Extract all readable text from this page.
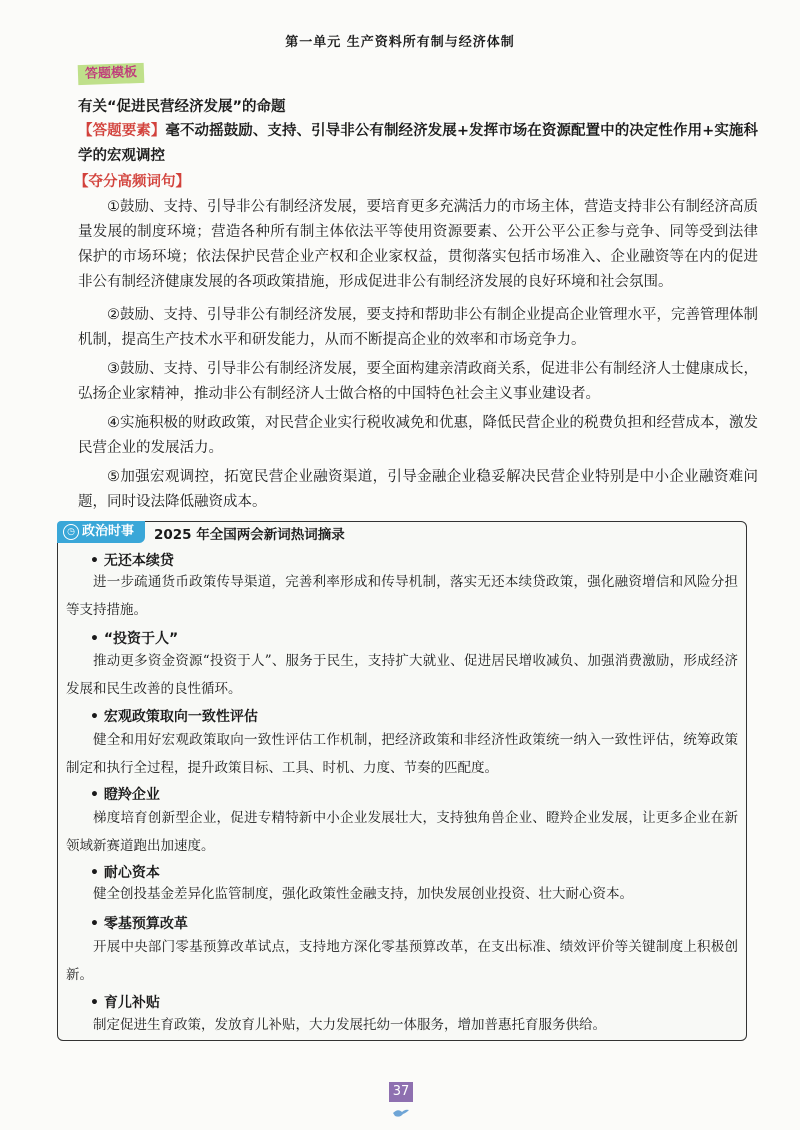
第一单元 生产资料所有制与经济体制
答题模板
有关“促进民营经济发展”的命题
【答题要素】毫不动摇鼓励、支持、引导非公有制经济发展+发挥市场在资源配置中的决定性作用+实施科学的宏观调控
【夺分高频词句】
①鼓励、支持、引导非公有制经济发展，要培育更多充满活力的市场主体，营造支持非公有制经济高质量发展的制度环境；营造各种所有制主体依法平等使用资源要素、公开公平公正参与竞争、同等受到法律保护的市场环境；依法保护民营企业产权和企业家权益，贯彻落实包括市场准入、企业融资等在内的促进非公有制经济健康发展的各项政策措施，形成促进非公有制经济发展的良好环境和社会氛围。
②鼓励、支持、引导非公有制经济发展，要支持和帮助非公有制企业提高企业管理水平，完善管理体制机制，提高生产技术水平和研发能力，从而不断提高企业的效率和市场竞争力。
③鼓励、支持、引导非公有制经济发展，要全面构建亲清政商关系，促进非公有制经济人士健康成长，弘扬企业家精神，推动非公有制经济人士做合格的中国特色社会主义事业建设者。
④实施积极的财政政策，对民营企业实行税收减免和优惠，降低民营企业的税费负担和经营成本，激发民营企业的发展活力。
⑤加强宏观调控，拓宽民营企业融资渠道，引导金融企业稳妥解决民营企业特别是中小企业融资难问题，同时设法降低融资成本。
◷ 政治时事 2025 年全国两会新词热词摘录
• 无还本续贷
进一步疏通货币政策传导渠道，完善利率形成和传导机制，落实无还本续贷政策，强化融资增信和风险分担等支持措施。
• “投资于人”
推动更多资金资源“投资于人”、服务于民生，支持扩大就业、促进居民增收减负、加强消费激励，形成经济发展和民生改善的良性循环。
• 宏观政策取向一致性评估
健全和用好宏观政策取向一致性评估工作机制，把经济政策和非经济性政策统一纳入一致性评估，统筹政策制定和执行全过程，提升政策目标、工具、时机、力度、节奏的匹配度。
• 瞪羚企业
梯度培育创新型企业，促进专精特新中小企业发展壮大，支持独角兽企业、瞪羚企业发展，让更多企业在新领域新赛道跑出加速度。
• 耐心资本
健全创投基金差异化监管制度，强化政策性金融支持，加快发展创业投资、壮大耐心资本。
• 零基预算改革
开展中央部门零基预算改革试点，支持地方深化零基预算改革，在支出标准、绩效评价等关键制度上积极创新。
• 育儿补贴
制定促进生育政策，发放育儿补贴，大力发展托幼一体服务，增加普惠托育服务供给。
37
